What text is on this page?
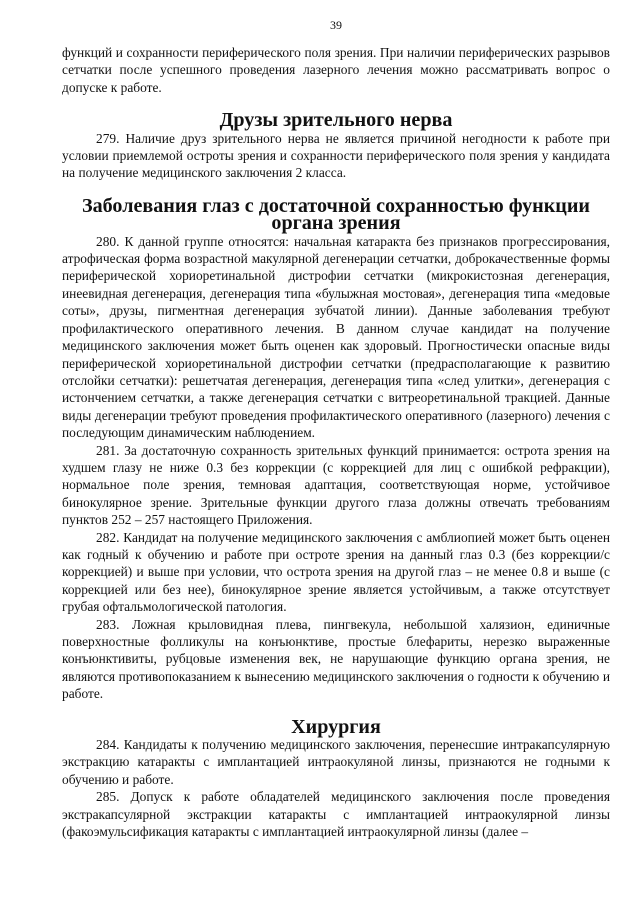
39

функций и сохранности периферического поля зрения. При наличии периферических разрывов сетчатки после успешного проведения лазерного лечения можно рассматривать вопрос о допуске к работе.

Друзы зрительного нерва

279. Наличие друз зрительного нерва не является причиной негодности к работе при условии приемлемой остроты зрения и сохранности периферического поля зрения у кандидата на получение медицинского заключения 2 класса.

Заболевания глаз с достаточной сохранностью функции органа зрения

280. К данной группе относятся: начальная катаракта без признаков прогрессирования, атрофическая форма возрастной макулярной дегенерации сетчатки, доброкачественные формы периферической хориоретинальной дистрофии сетчатки (микрокистозная дегенерация, инеевидная дегенерация, дегенерация типа «булыжная мостовая», дегенерация типа «медовые соты», друзы, пигментная дегенерация зубчатой линии). Данные заболевания требуют профилактического оперативного лечения. В данном случае кандидат на получение медицинского заключения может быть оценен как здоровый. Прогностически опасные виды периферической хориоретинальной дистрофии сетчатки (предрасполагающие к развитию отслойки сетчатки): решетчатая дегенерация, дегенерация типа «след улитки», дегенерация с истончением сетчатки, а также дегенерация сетчатки с витреоретинальной тракцией. Данные виды дегенерации требуют проведения профилактического оперативного (лазерного) лечения с последующим динамическим наблюдением.

281. За достаточную сохранность зрительных функций принимается: острота зрения на худшем глазу не ниже 0.3 без коррекции (с коррекцией для лиц с ошибкой рефракции), нормальное поле зрения, темновая адаптация, соответствующая норме, устойчивое бинокулярное зрение. Зрительные функции другого глаза должны отвечать требованиям пунктов 252 – 257 настоящего Приложения.

282. Кандидат на получение медицинского заключения с амблиопией может быть оценен как годный к обучению и работе при остроте зрения на данный глаз 0.3 (без коррекции/с коррекцией) и выше при условии, что острота зрения на другой глаз – не менее 0.8 и выше (с коррекцией или без нее), бинокулярное зрение является устойчивым, а также отсутствует грубая офтальмологической патология.

283. Ложная крыловидная плева, пингвекула, небольшой халязион, единичные поверхностные фолликулы на конъюнктиве, простые блефариты, нерезко выраженные конъюнктивиты, рубцовые изменения век, не нарушающие функцию органа зрения, не являются противопоказанием к вынесению медицинского заключения о годности к обучению и работе.

Хирургия

284. Кандидаты к получению медицинского заключения, перенесшие интракапсулярную экстракцию катаракты с имплантацией интраокуляной линзы, признаются не годными к обучению и работе.

285. Допуск к работе обладателей медицинского заключения после проведения экстракапсулярной экстракции катаракты с имплантацией интраокулярной линзы (факоэмульсификация катаракты с имплантацией интраокулярной линзы (далее –
